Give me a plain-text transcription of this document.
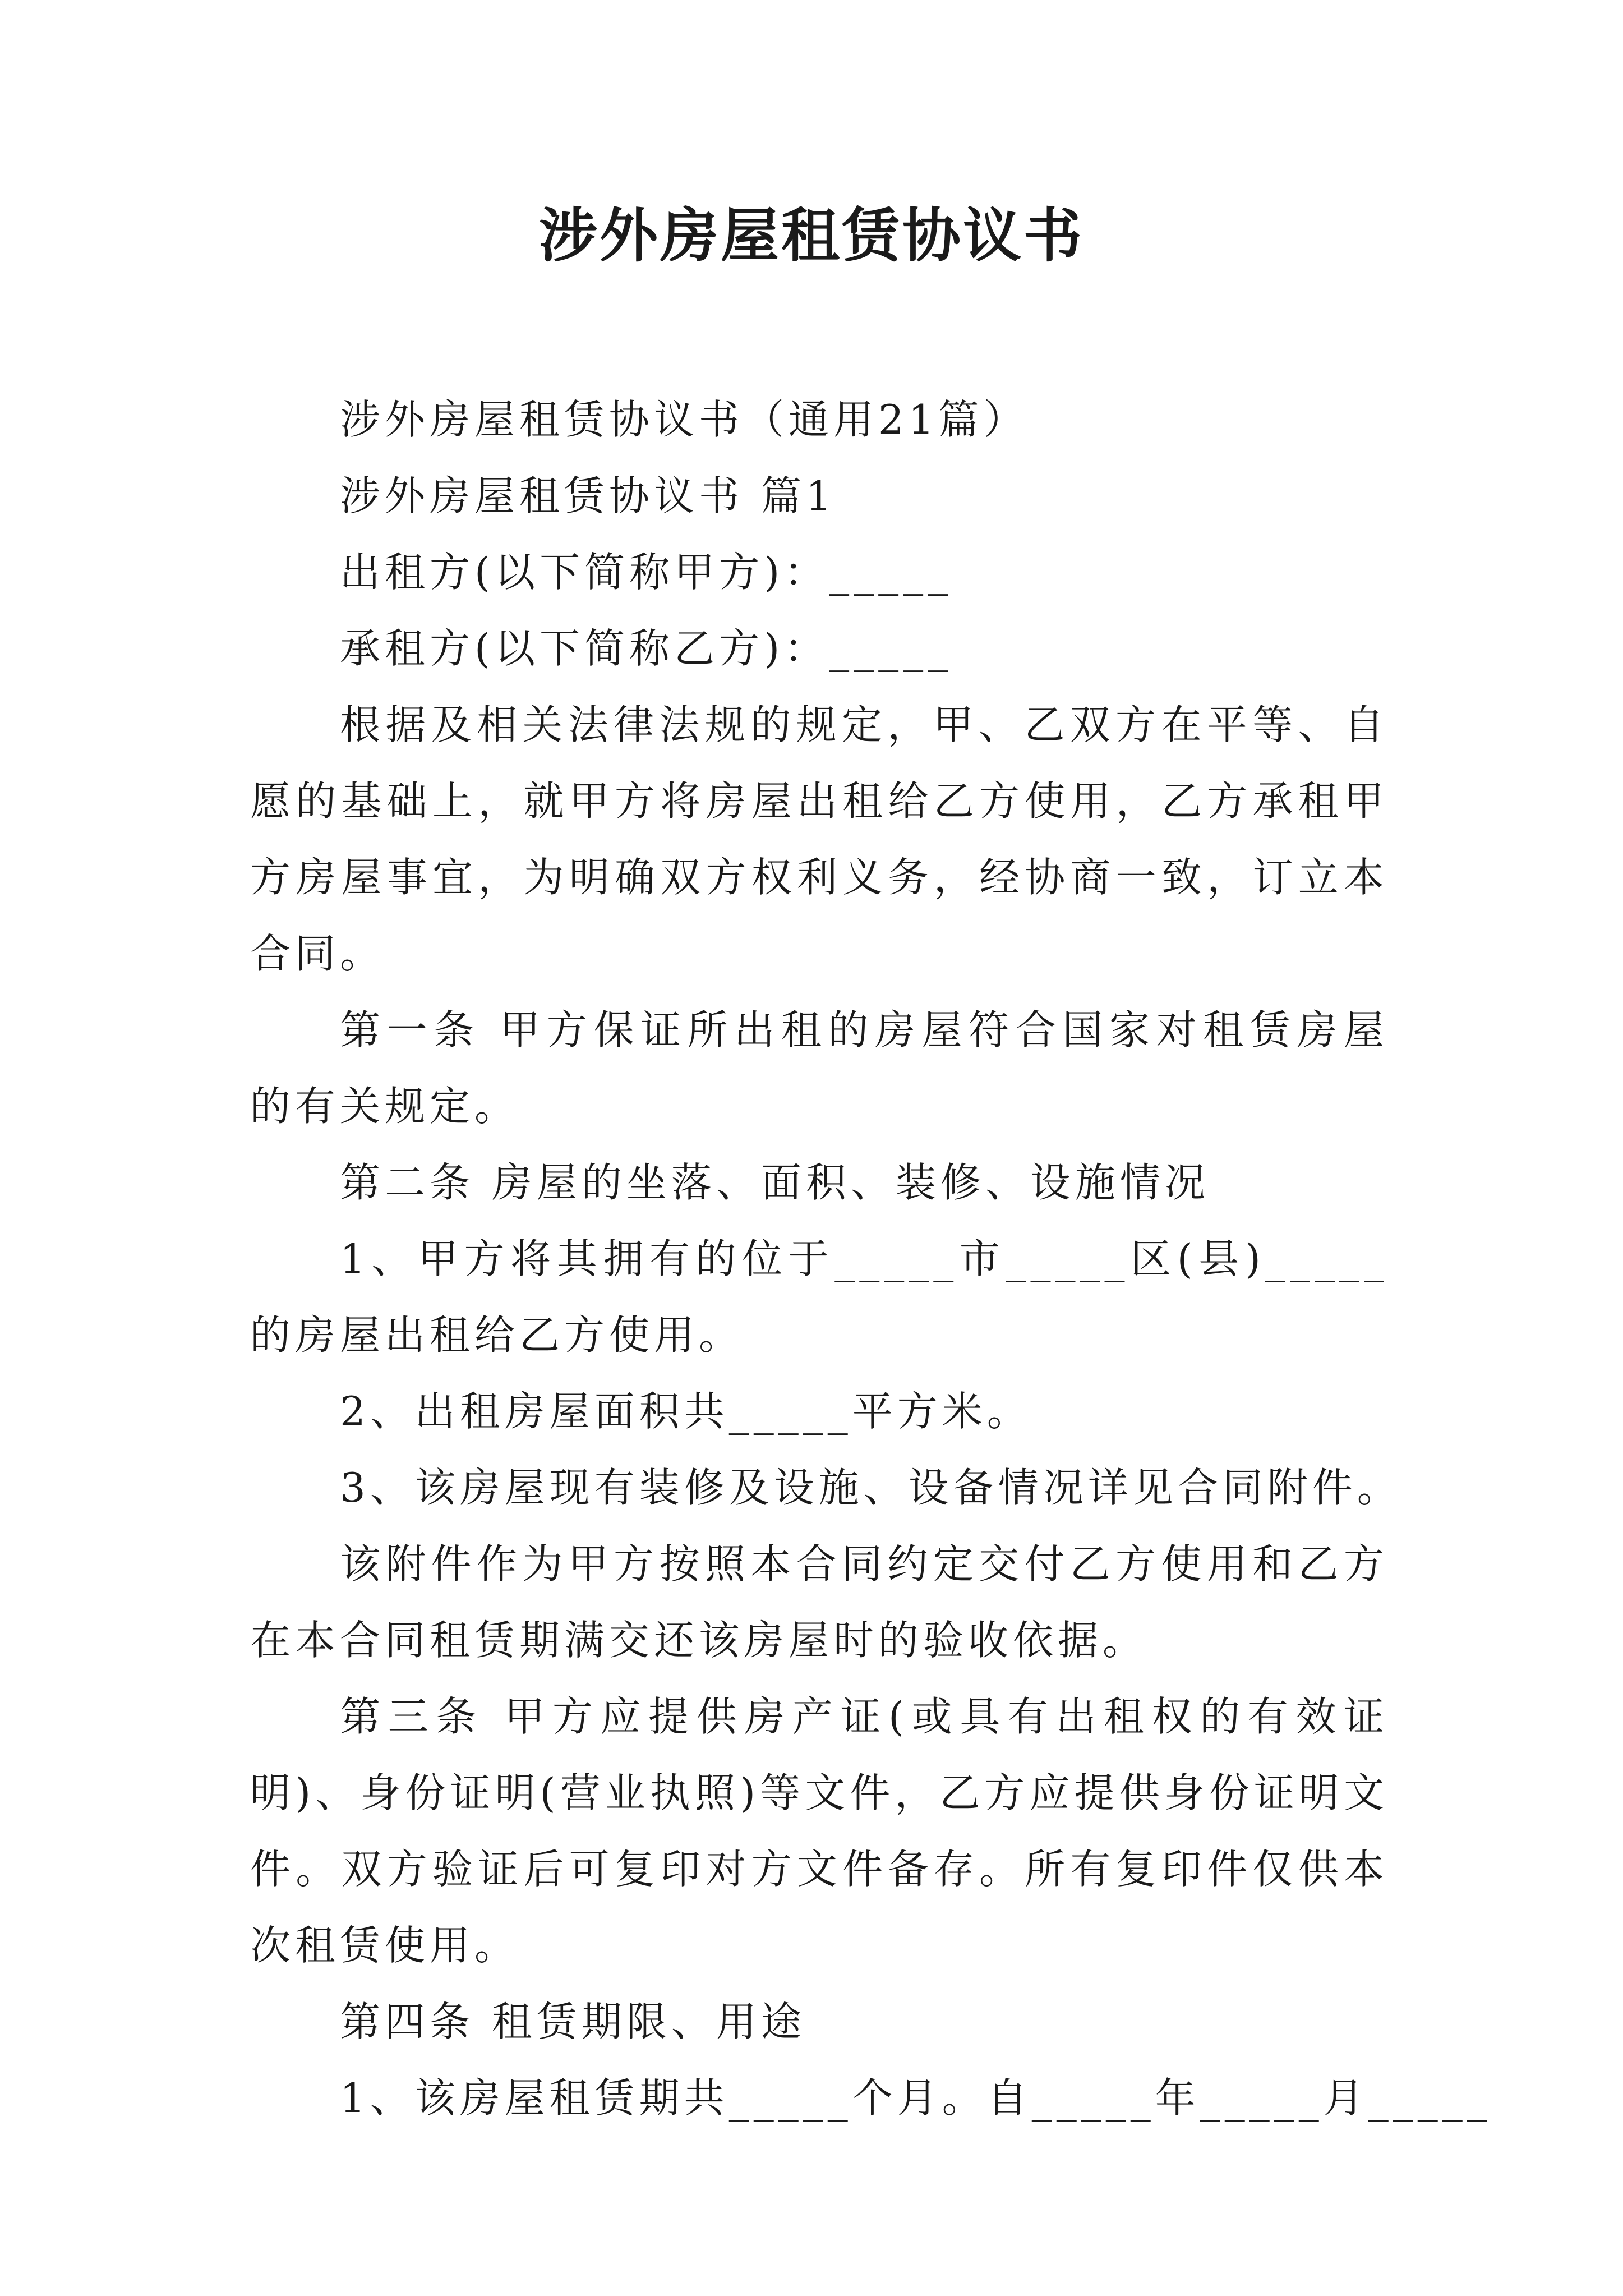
涉外房屋租赁协议书

涉外房屋租赁协议书（通用21篇）

涉外房屋租赁协议书 篇1

出租方(以下简称甲方)：_____

承租方(以下简称乙方)：_____

根据及相关法律法规的规定，甲、乙双方在平等、自愿的基础上，就甲方将房屋出租给乙方使用，乙方承租甲方房屋事宜，为明确双方权利义务，经协商一致，订立本合同。

第一条 甲方保证所出租的房屋符合国家对租赁房屋的有关规定。

第二条 房屋的坐落、面积、装修、设施情况

1、甲方将其拥有的位于_____市_____区(县)_____的房屋出租给乙方使用。

2、出租房屋面积共_____平方米。

3、该房屋现有装修及设施、设备情况详见合同附件。

该附件作为甲方按照本合同约定交付乙方使用和乙方在本合同租赁期满交还该房屋时的验收依据。

第三条 甲方应提供房产证(或具有出租权的有效证明)、身份证明(营业执照)等文件，乙方应提供身份证明文件。双方验证后可复印对方文件备存。所有复印件仅供本次租赁使用。

第四条 租赁期限、用途

1、该房屋租赁期共_____个月。自_____年_____月_____
